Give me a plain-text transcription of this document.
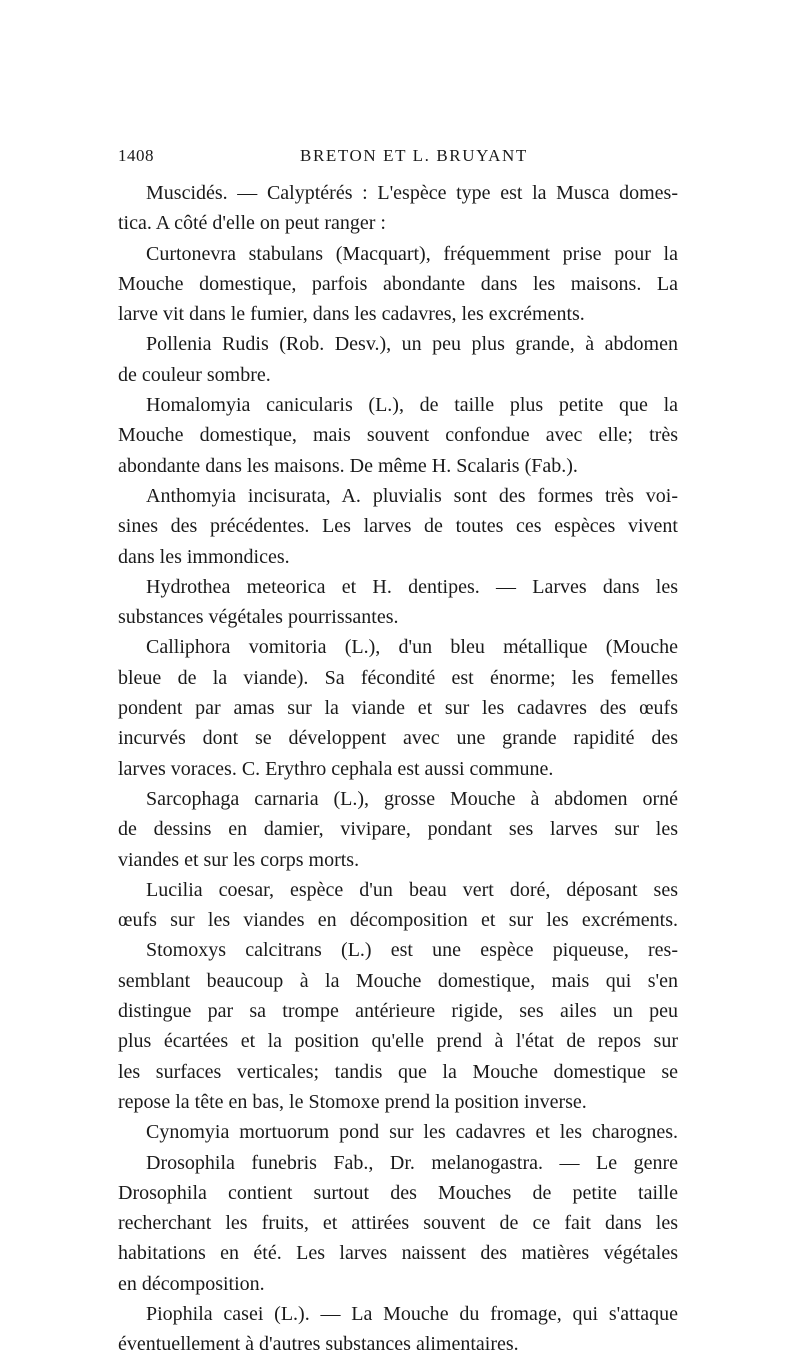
1408	BRETON ET L. BRUYANT
Muscidés. — Calyptérés : L'espèce type est la Musca domes-
tica. A côté d'elle on peut ranger :
Curtonevra stabulans (Macquart), fréquemment prise pour la
Mouche domestique, parfois abondante dans les maisons. La
larve vit dans le fumier, dans les cadavres, les excréments.
Pollenia Rudis (Rob. Desv.), un peu plus grande, à abdomen
de couleur sombre.
Homalomyia canicularis (L.), de taille plus petite que la
Mouche domestique, mais souvent confondue avec elle; très
abondante dans les maisons. De même H. Scalaris (Fab.).
Anthomyia incisurata, A. pluvialis sont des formes très voi-
sines des précédentes. Les larves de toutes ces espèces vivent
dans les immondices.
Hydrothea meteorica et H. dentipes. — Larves dans les
substances végétales pourrissantes.
Calliphora vomitoria (L.), d'un bleu métallique (Mouche
bleue de la viande). Sa fécondité est énorme; les femelles
pondent par amas sur la viande et sur les cadavres des œufs
incurvés dont se développent avec une grande rapidité des
larves voraces. C. Erythro cephala est aussi commune.
Sarcophaga carnaria (L.), grosse Mouche à abdomen orné
de dessins en damier, vivipare, pondant ses larves sur les
viandes et sur les corps morts.
Lucilia coesar, espèce d'un beau vert doré, déposant ses
œufs sur les viandes en décomposition et sur les excréments.
Stomoxys calcitrans (L.) est une espèce piqueuse, res-
semblant beaucoup à la Mouche domestique, mais qui s'en
distingue par sa trompe antérieure rigide, ses ailes un peu
plus écartées et la position qu'elle prend à l'état de repos sur
les surfaces verticales; tandis que la Mouche domestique se
repose la tête en bas, le Stomoxe prend la position inverse.
Cynomyia mortuorum pond sur les cadavres et les charognes.
Drosophila funebris Fab., Dr. melanogastra. — Le genre
Drosophila contient surtout des Mouches de petite taille
recherchant les fruits, et attirées souvent de ce fait dans les
habitations en été. Les larves naissent des matières végétales
en décomposition.
Piophila casei (L.). — La Mouche du fromage, qui s'attaque
éventuellement à d'autres substances alimentaires.
